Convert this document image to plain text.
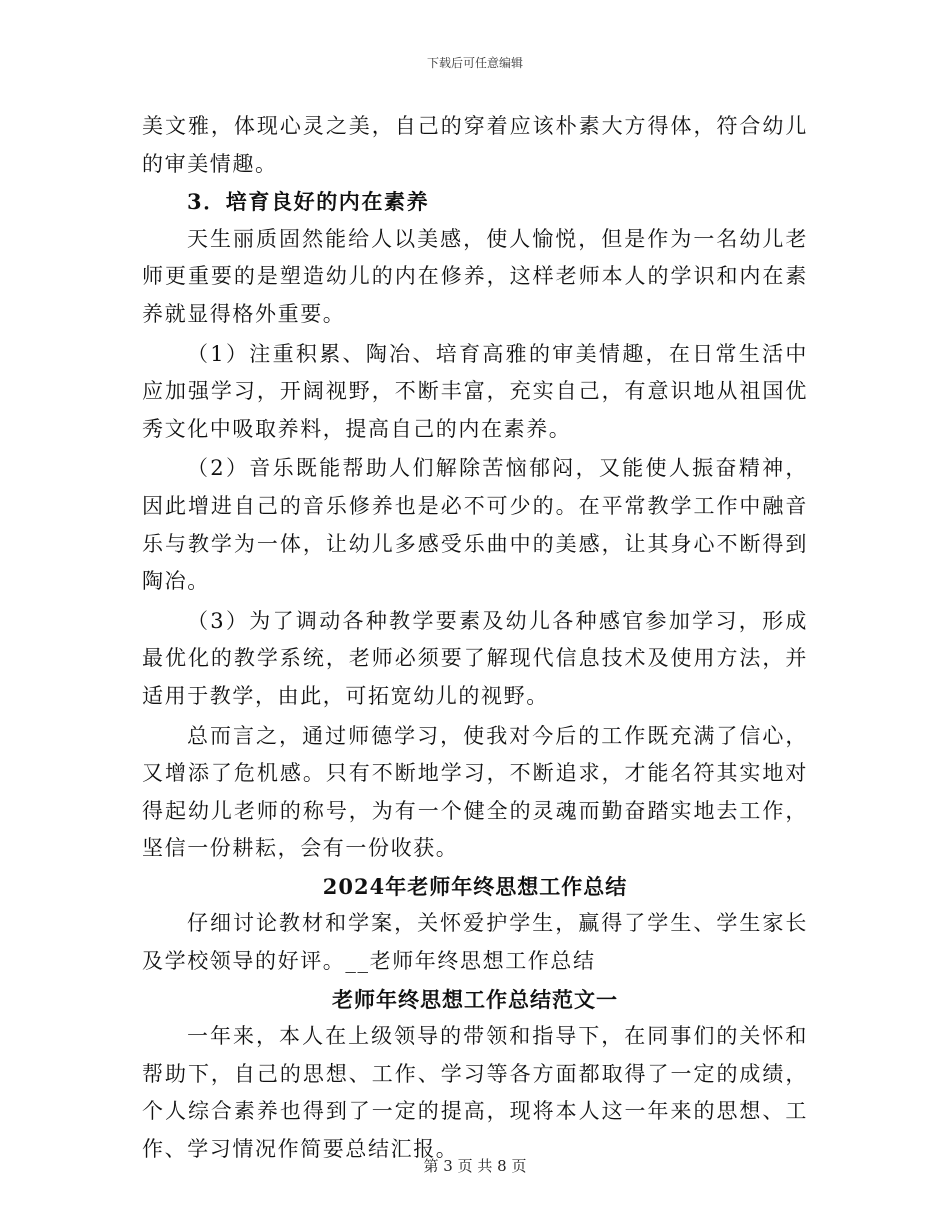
下载后可任意编辑

美文雅，体现心灵之美，自己的穿着应该朴素大方得体，符合幼儿的审美情趣。

3．培育良好的内在素养

天生丽质固然能给人以美感，使人愉悦，但是作为一名幼儿老师更重要的是塑造幼儿的内在修养，这样老师本人的学识和内在素养就显得格外重要。

（1）注重积累、陶冶、培育高雅的审美情趣，在日常生活中应加强学习，开阔视野，不断丰富，充实自己，有意识地从祖国优秀文化中吸取养料，提高自己的内在素养。

（2）音乐既能帮助人们解除苦恼郁闷，又能使人振奋精神，因此增进自己的音乐修养也是必不可少的。在平常教学工作中融音乐与教学为一体，让幼儿多感受乐曲中的美感，让其身心不断得到陶冶。

（3）为了调动各种教学要素及幼儿各种感官参加学习，形成最优化的教学系统，老师必须要了解现代信息技术及使用方法，并适用于教学，由此，可拓宽幼儿的视野。

总而言之，通过师德学习，使我对今后的工作既充满了信心，又增添了危机感。只有不断地学习，不断追求，才能名符其实地对得起幼儿老师的称号，为有一个健全的灵魂而勤奋踏实地去工作，坚信一份耕耘，会有一份收获。

2024年老师年终思想工作总结

仔细讨论教材和学案，关怀爱护学生，赢得了学生、学生家长及学校领导的好评。__老师年终思想工作总结

老师年终思想工作总结范文一

一年来，本人在上级领导的带领和指导下，在同事们的关怀和帮助下，自己的思想、工作、学习等各方面都取得了一定的成绩，个人综合素养也得到了一定的提高，现将本人这一年来的思想、工作、学习情况作简要总结汇报。

第 3 页 共 8 页
